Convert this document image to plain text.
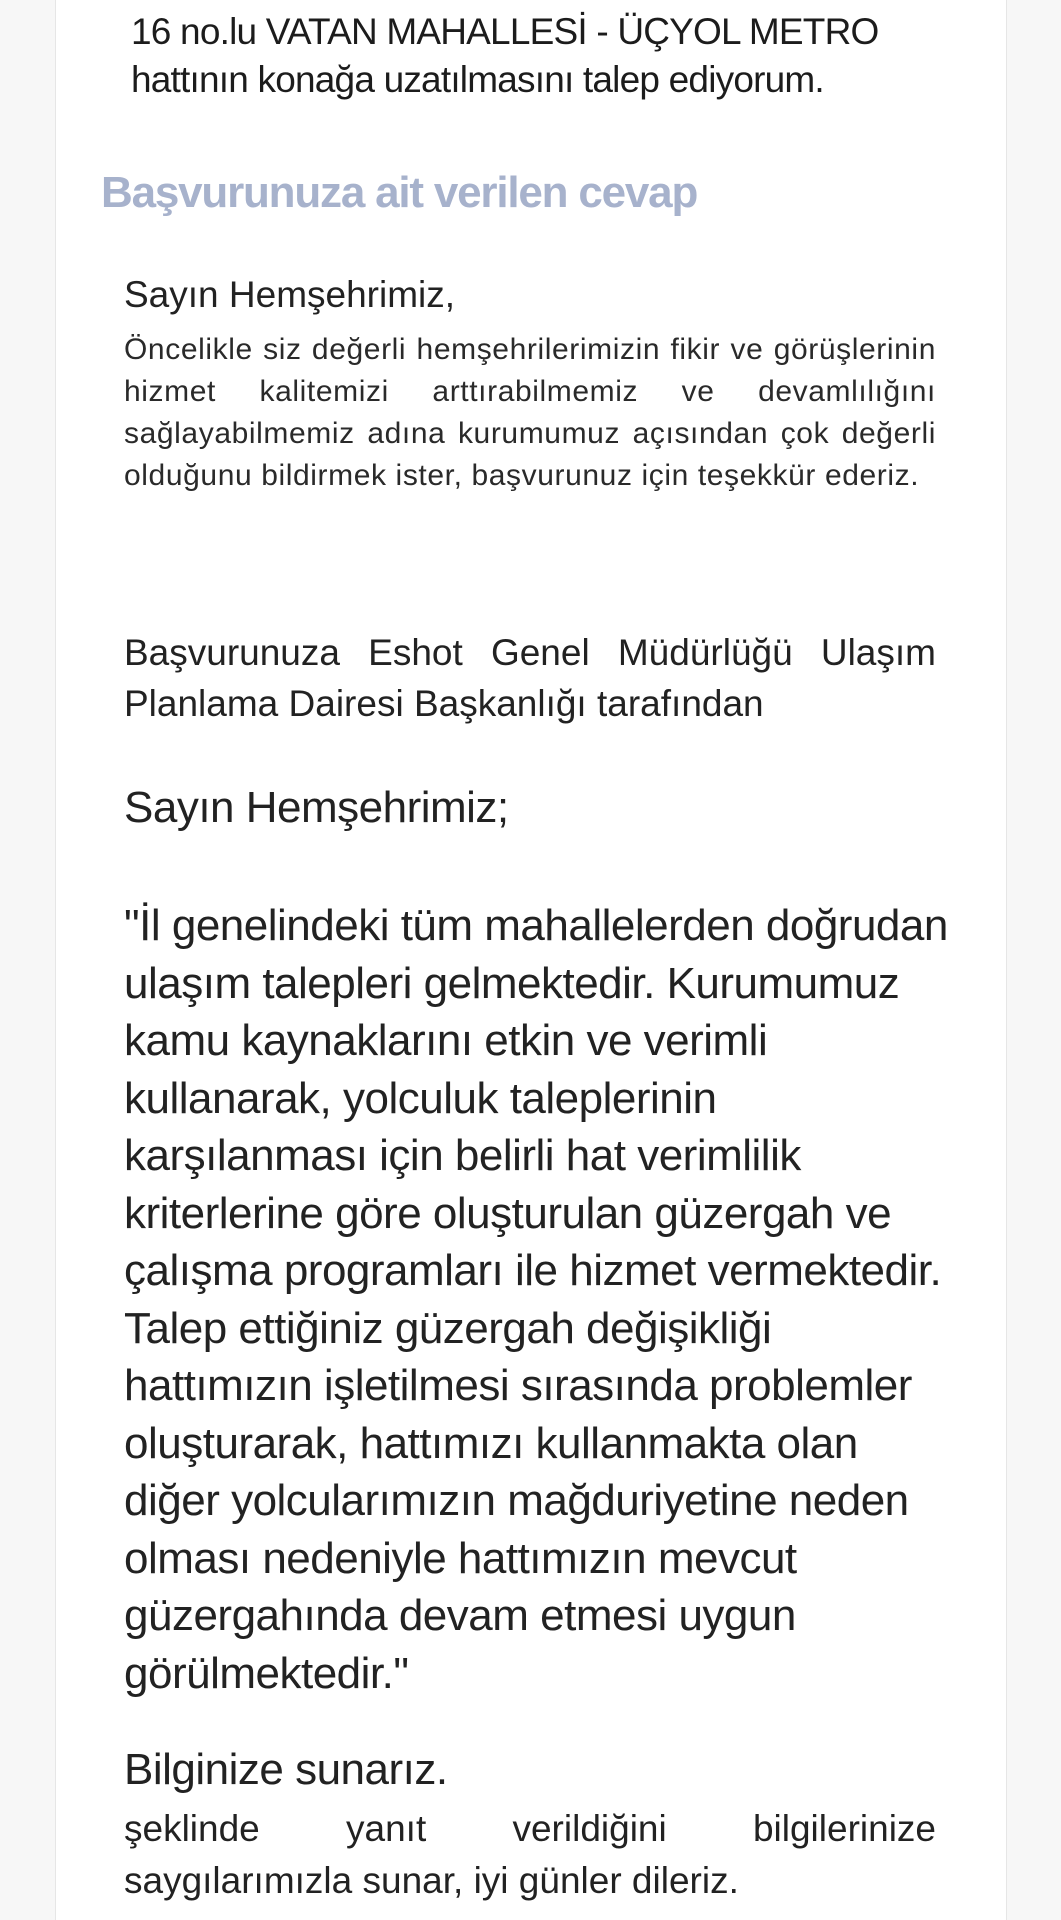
16 no.lu VATAN MAHALLESİ - ÜÇYOL METRO hattının konağa uzatılmasını talep ediyorum.
Başvurunuza ait verilen cevap
Sayın Hemşehrimiz,
Öncelikle siz değerli hemşehrilerimizin fikir ve görüşlerinin hizmet kalitemizi arttırabilmemiz ve devamlılığını sağlayabilmemiz adına kurumumuz açısından çok değerli olduğunu bildirmek ister, başvurunuz için teşekkür ederiz.
Başvurunuza Eshot Genel Müdürlüğü Ulaşım Planlama Dairesi Başkanlığı tarafından
Sayın Hemşehrimiz;
"İl genelindeki tüm mahallelerden doğrudan ulaşım talepleri gelmektedir. Kurumumuz kamu kaynaklarını etkin ve verimli kullanarak, yolculuk taleplerinin karşılanması için belirli hat verimlilik kriterlerine göre oluşturulan güzergah ve çalışma programları ile hizmet vermektedir. Talep ettiğiniz güzergah değişikliği hattımızın işletilmesi sırasında problemler oluşturarak, hattımızı kullanmakta olan diğer yolcularımızın mağduriyetine neden olması nedeniyle hattımızın mevcut güzergahında devam etmesi uygun görülmektedir."
Bilginize sunarız.
şeklinde yanıt verildiğini bilgilerinize
saygılarımızla sunar, iyi günler dileriz.
